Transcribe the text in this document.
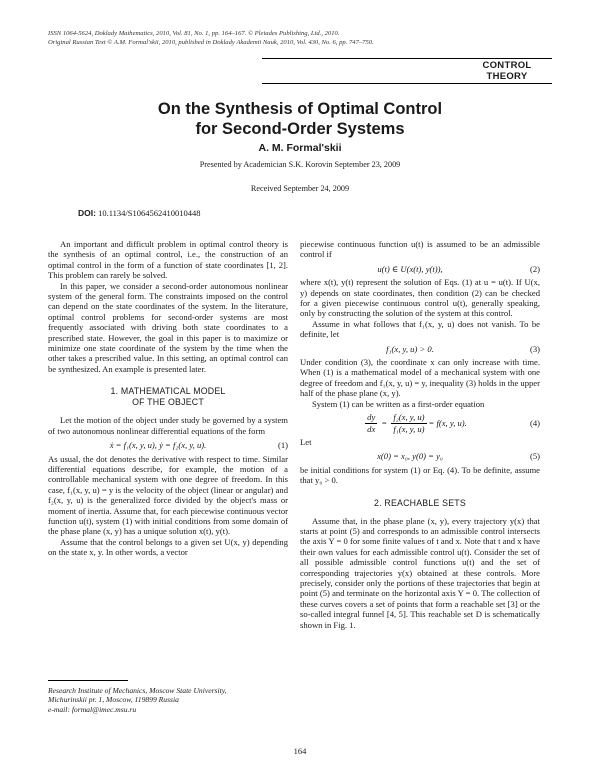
ISSN 1064-5624, Doklady Mathematics, 2010, Vol. 81, No. 1, pp. 164–167. © Pleiades Publishing, Ltd., 2010.
Original Russian Text © A.M. Formal'skii, 2010, published in Doklady Akademii Nauk, 2010, Vol. 430, No. 6, pp. 747–750.
CONTROL
THEORY
On the Synthesis of Optimal Control
for Second-Order Systems
A. M. Formal'skii
Presented by Academician S.K. Korovin September 23, 2009
Received September 24, 2009
DOI: 10.1134/S1064562410010448

An important and difficult problem in optimal control theory is the synthesis of an optimal control, i.e., the construction of an optimal control in the form of a function of state coordinates [1, 2]. This problem can rarely be solved.

In this paper, we consider a second-order autonomous nonlinear system of the general form. The constraints imposed on the control can depend on the state coordinates of the system. In the literature, optimal control problems for second-order systems are most frequently associated with driving both state coordinates to a prescribed state. However, the goal in this paper is to maximize or minimize one state coordinate of the system by the time when the other takes a prescribed value. In this setting, an optimal control can be synthesized. An example is presented later.

1. MATHEMATICAL MODEL
OF THE OBJECT

Let the motion of the object under study be governed by a system of two autonomous nonlinear differential equations of the form

ẋ = f₁(x, y, u), ẏ = f₂(x, y, u).	(1)

As usual, the dot denotes the derivative with respect to time. Similar differential equations describe, for example, the motion of a controllable mechanical system with one degree of freedom. In this case, f₁(x, y, u) = y is the velocity of the object (linear or angular) and f₂(x, y, u) is the generalized force divided by the object's mass or moment of inertia. Assume that, for each piecewise continuous vector function u(t), system (1) with initial conditions from some domain of the phase plane (x, y) has a unique solution x(t), y(t).

Assume that the control belongs to a given set U(x, y) depending on the state x, y. In other words, a vector

piecewise continuous function u(t) is assumed to be an admissible control if

u(t) ∈ U(x(t), y(t)),	(2)

where x(t), y(t) represent the solution of Eqs. (1) at u = u(t). If U(x, y) depends on state coordinates, then condition (2) can be checked for a given piecewise continuous control u(t), generally speaking, only by constructing the solution of the system at this control.

Assume in what follows that f₁(x, y, u) does not vanish. To be definite, let

f₁(x, y, u) > 0.	(3)

Under condition (3), the coordinate x can only increase with time. When (1) is a mathematical model of a mechanical system with one degree of freedom and f₁(x, y, u) = y, inequality (3) holds in the upper half of the phase plane (x, y).

System (1) can be written as a first-order equation

$\frac{dy}{dx} = \frac{\text{f₂(x, y, u)}}{\text{f₁(x, y, u)}} = f(x$, y, u).	(4)

Let

x(0) = x₀, y(0) = y₀	(5)

be initial conditions for system (1) or Eq. (4). To be definite, assume that y₀ > 0.

2. REACHABLE SETS

Assume that, in the phase plane (x, y), every trajectory y(x) that starts at point (5) and corresponds to an admissible control intersects the axis Y = 0 for some finite values of t and x. Note that t and x have their own values for each admissible control u(t). Consider the set of all possible admissible control functions u(t) and the set of corresponding trajectories y(x) obtained at these controls. More precisely, consider only the portions of these trajectories that begin at point (5) and terminate on the horizontal axis Y = 0. The collection of these curves covers a set of points that form a reachable set [3] or the so-called integral funnel [4, 5]. This reachable set D is schematically shown in Fig. 1.

Research Institute of Mechanics, Moscow State University,
Michurinskii pr. 1, Moscow, 119899 Russia
e-mail: formal@imec.msu.ru
164
